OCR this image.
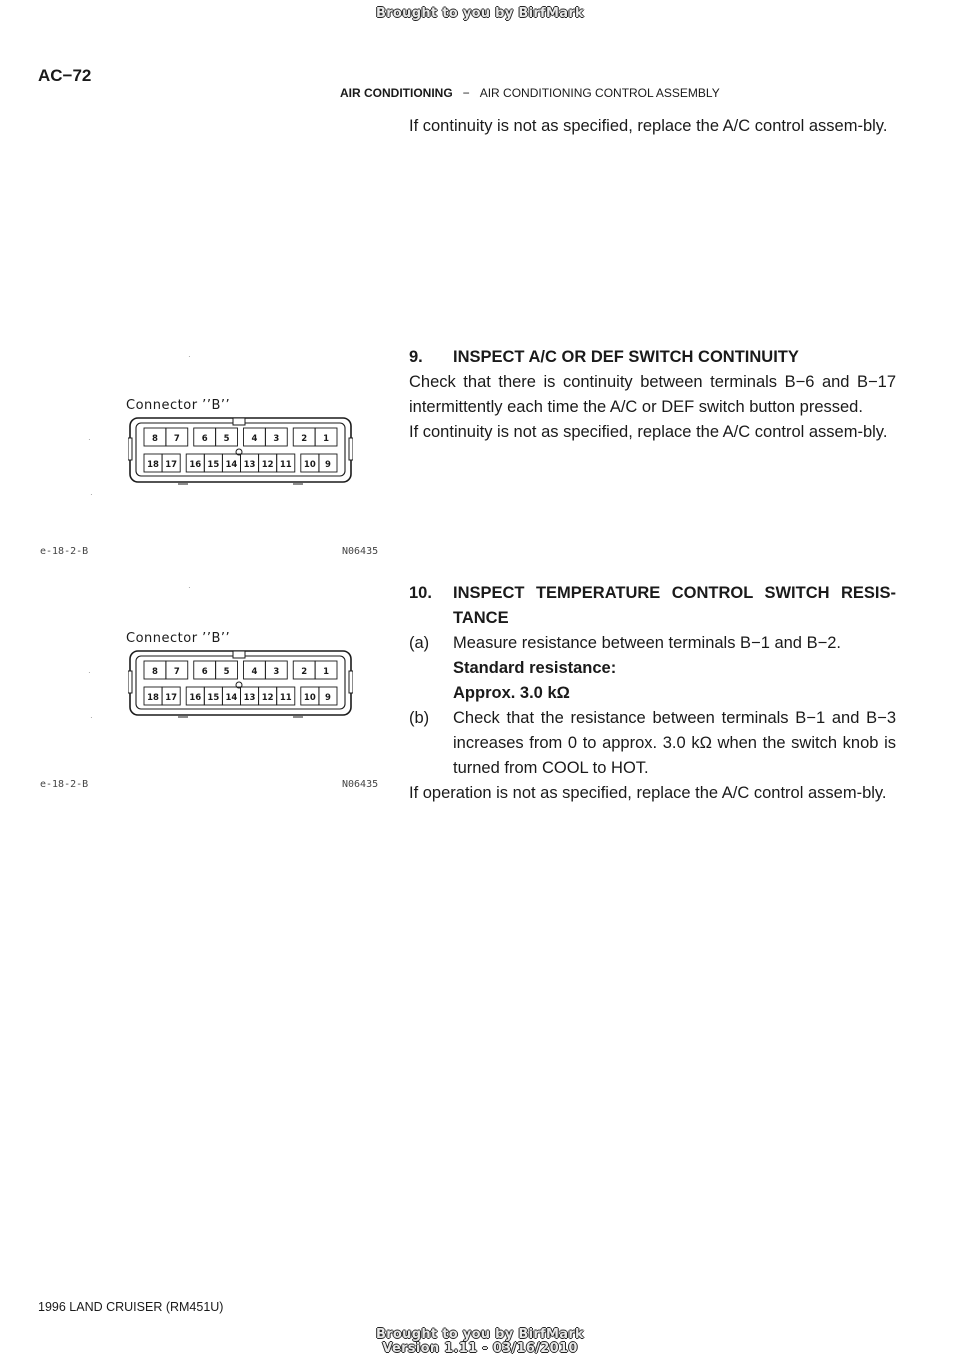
Brought to you by BirfMark
Brought to you by BirfMark
Version 1.11 - 03/16/2010
AC−72
AIR CONDITIONING − AIR CONDITIONING CONTROL ASSEMBLY
If continuity is not as specified, replace the A/C control assem-bly.
9. INSPECT A/C OR DEF SWITCH CONTINUITY
Check that there is continuity between terminals B−6 and B−17 intermittently each time the A/C or DEF switch button pressed.
If continuity is not as specified, replace the A/C control assem-bly.
10.	INSPECT TEMPERATURE CONTROL SWITCH RESIS-TANCE
(a)	Measure resistance between terminals B−1 and B−2.
Standard resistance:
Approx. 3.0 kΩ
(b)	Check that the resistance between terminals B−1 and B−3 increases from 0 to approx. 3.0 kΩ when the switch knob is turned from COOL to HOT.
If operation is not as specified, replace the A/C control assem-bly.
Connector ’’B’’
8 7	6 5	4 3	2 1
18 17 16 15 14 13 12 11 10 9
e-18-2-B	N06435
·
·
·
Connector ’’B’’
8 7	6 5	4 3	2 1
18 17 16 15 14 13 12 11 10 9
e-18-2-B	N06435
·
·
·
1996 LAND CRUISER (RM451U)
